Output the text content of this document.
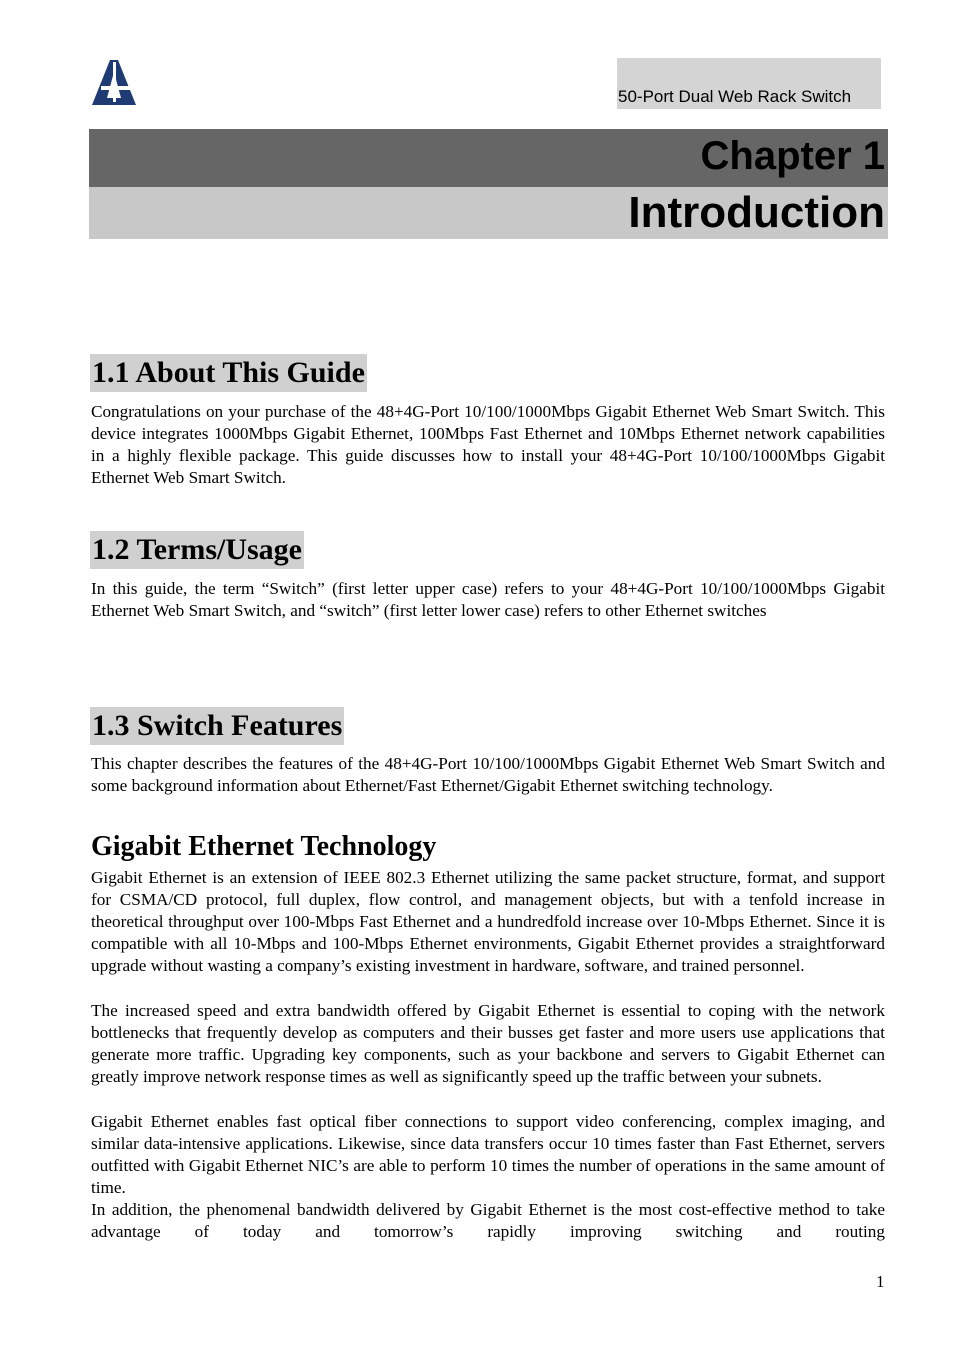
50-Port Dual Web Rack Switch
Chapter 1
Introduction
1.1 About This Guide

Congratulations on your purchase of the 48+4G-Port 10/100/1000Mbps Gigabit Ethernet Web Smart Switch. This device integrates 1000Mbps Gigabit Ethernet, 100Mbps Fast Ethernet and 10Mbps Ethernet network capabilities in a highly flexible package. This guide discusses how to install your 48+4G-Port 10/100/1000Mbps Gigabit Ethernet Web Smart Switch.

1.2 Terms/Usage

In this guide, the term “Switch” (first letter upper case) refers to your 48+4G-Port 10/100/1000Mbps Gigabit Ethernet Web Smart Switch, and “switch” (first letter lower case) refers to other Ethernet switches

1.3 Switch Features

This chapter describes the features of the 48+4G-Port 10/100/1000Mbps Gigabit Ethernet Web Smart Switch and some background information about Ethernet/Fast Ethernet/Gigabit Ethernet switching technology.

Gigabit Ethernet Technology

Gigabit Ethernet is an extension of IEEE 802.3 Ethernet utilizing the same packet structure, format, and support for CSMA/CD protocol, full duplex, flow control, and management objects, but with a tenfold increase in theoretical throughput over 100-Mbps Fast Ethernet and a hundredfold increase over 10-Mbps Ethernet. Since it is compatible with all 10-Mbps and 100-Mbps Ethernet environments, Gigabit Ethernet provides a straightforward upgrade without wasting a company’s existing investment in hardware, software, and trained personnel.

The increased speed and extra bandwidth offered by Gigabit Ethernet is essential to coping with the network bottlenecks that frequently develop as computers and their busses get faster and more users use applications that generate more traffic. Upgrading key components, such as your backbone and servers to Gigabit Ethernet can greatly improve network response times as well as significantly speed up the traffic between your subnets.

Gigabit Ethernet enables fast optical fiber connections to support video conferencing, complex imaging, and similar data-intensive applications. Likewise, since data transfers occur 10 times faster than Fast Ethernet, servers outfitted with Gigabit Ethernet NIC’s are able to perform 10 times the number of operations in the same amount of time.

In addition, the phenomenal bandwidth delivered by Gigabit Ethernet is the most cost-effective method to take advantage of today and tomorrow’s rapidly improving switching and routing

1
